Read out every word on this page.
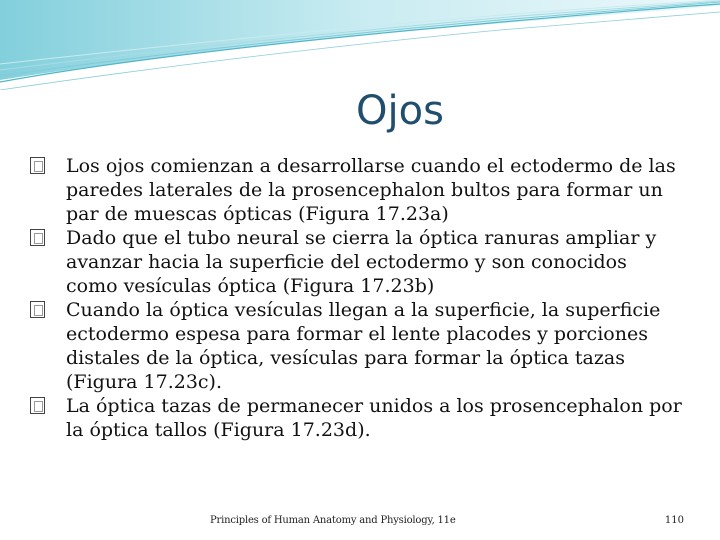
Ojos
Los ojos comienzan a desarrollarse cuando el ectodermo de las paredes laterales de la prosencephalon bultos para formar un par de muescas ópticas (Figura 17.23a)
Dado que el tubo neural se cierra la óptica ranuras ampliar y avanzar hacia la superficie del ectodermo y son conocidos como vesículas óptica (Figura 17.23b)
Cuando la óptica vesículas llegan a la superficie, la superficie ectodermo espesa para formar el lente placodes y porciones distales de la óptica, vesículas para formar la óptica tazas (Figura 17.23c).
La óptica tazas de permanecer unidos a los prosencephalon por la óptica tallos (Figura 17.23d).
Principles of Human Anatomy and Physiology, 11e	110
